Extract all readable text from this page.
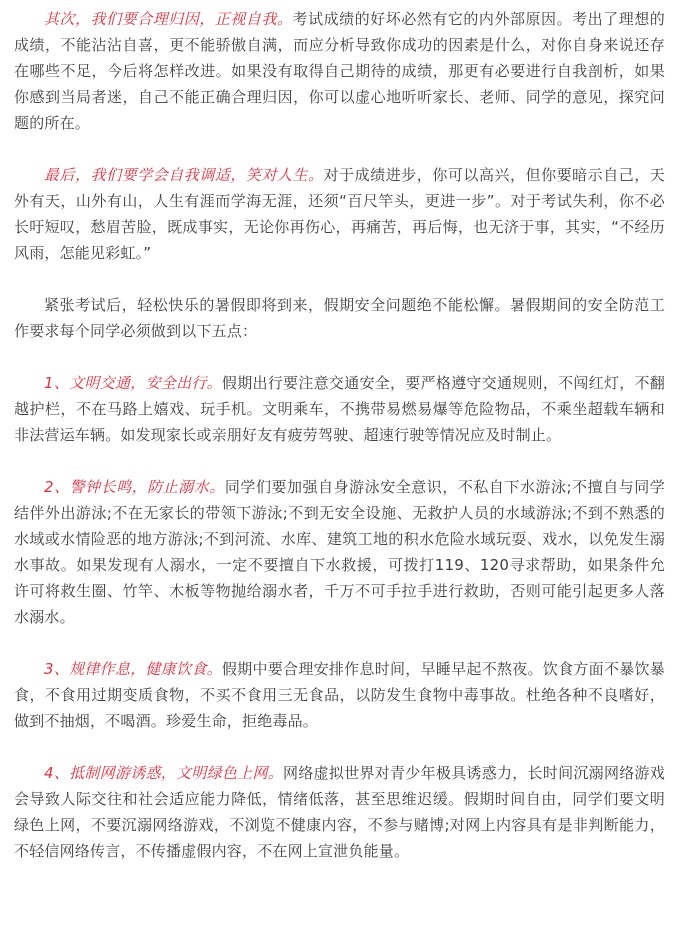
其次，我们要合理归因，正视自我。考试成绩的好坏必然有它的内外部原因。考出了理想的成绩，不能沾沾自喜，更不能骄傲自满，而应分析导致你成功的因素是什么，对你自身来说还存在哪些不足，今后将怎样改进。如果没有取得自己期待的成绩，那更有必要进行自我剖析，如果你感到当局者迷，自己不能正确合理归因，你可以虚心地听听家长、老师、同学的意见，探究问题的所在。

最后，我们要学会自我调适，笑对人生。对于成绩进步，你可以高兴，但你要暗示自己，天外有天，山外有山，人生有涯而学海无涯，还须“百尺竿头，更进一步”。对于考试失利，你不必长吁短叹，愁眉苦脸，既成事实，无论你再伤心，再痛苦，再后悔，也无济于事，其实，“不经历风雨，怎能见彩虹。”

紧张考试后，轻松快乐的暑假即将到来，假期安全问题绝不能松懈。暑假期间的安全防范工作要求每个同学必须做到以下五点：

1、文明交通，安全出行。假期出行要注意交通安全，要严格遵守交通规则，不闯红灯，不翻越护栏，不在马路上嬉戏、玩手机。文明乘车，不携带易燃易爆等危险物品，不乘坐超载车辆和非法营运车辆。如发现家长或亲朋好友有疲劳驾驶、超速行驶等情况应及时制止。

2、警钟长鸣，防止溺水。同学们要加强自身游泳安全意识，不私自下水游泳;不擅自与同学结伴外出游泳;不在无家长的带领下游泳;不到无安全设施、无救护人员的水域游泳;不到不熟悉的水域或水情险恶的地方游泳;不到河流、水库、建筑工地的积水危险水域玩耍、戏水，以免发生溺水事故。如果发现有人溺水，一定不要擅自下水救援，可拨打119、120寻求帮助，如果条件允许可将救生圈、竹竿、木板等物抛给溺水者，千万不可手拉手进行救助，否则可能引起更多人落水溺水。

3、规律作息，健康饮食。假期中要合理安排作息时间，早睡早起不熬夜。饮食方面不暴饮暴食，不食用过期变质食物，不买不食用三无食品，以防发生食物中毒事故。杜绝各种不良嗜好，做到不抽烟，不喝酒。珍爱生命，拒绝毒品。

4、抵制网游诱惑，文明绿色上网。网络虚拟世界对青少年极具诱惑力，长时间沉溺网络游戏会导致人际交往和社会适应能力降低，情绪低落，甚至思维迟缓。假期时间自由，同学们要文明绿色上网，不要沉溺网络游戏，不浏览不健康内容，不参与赌博;对网上内容具有是非判断能力，不轻信网络传言，不传播虚假内容，不在网上宣泄负能量。
